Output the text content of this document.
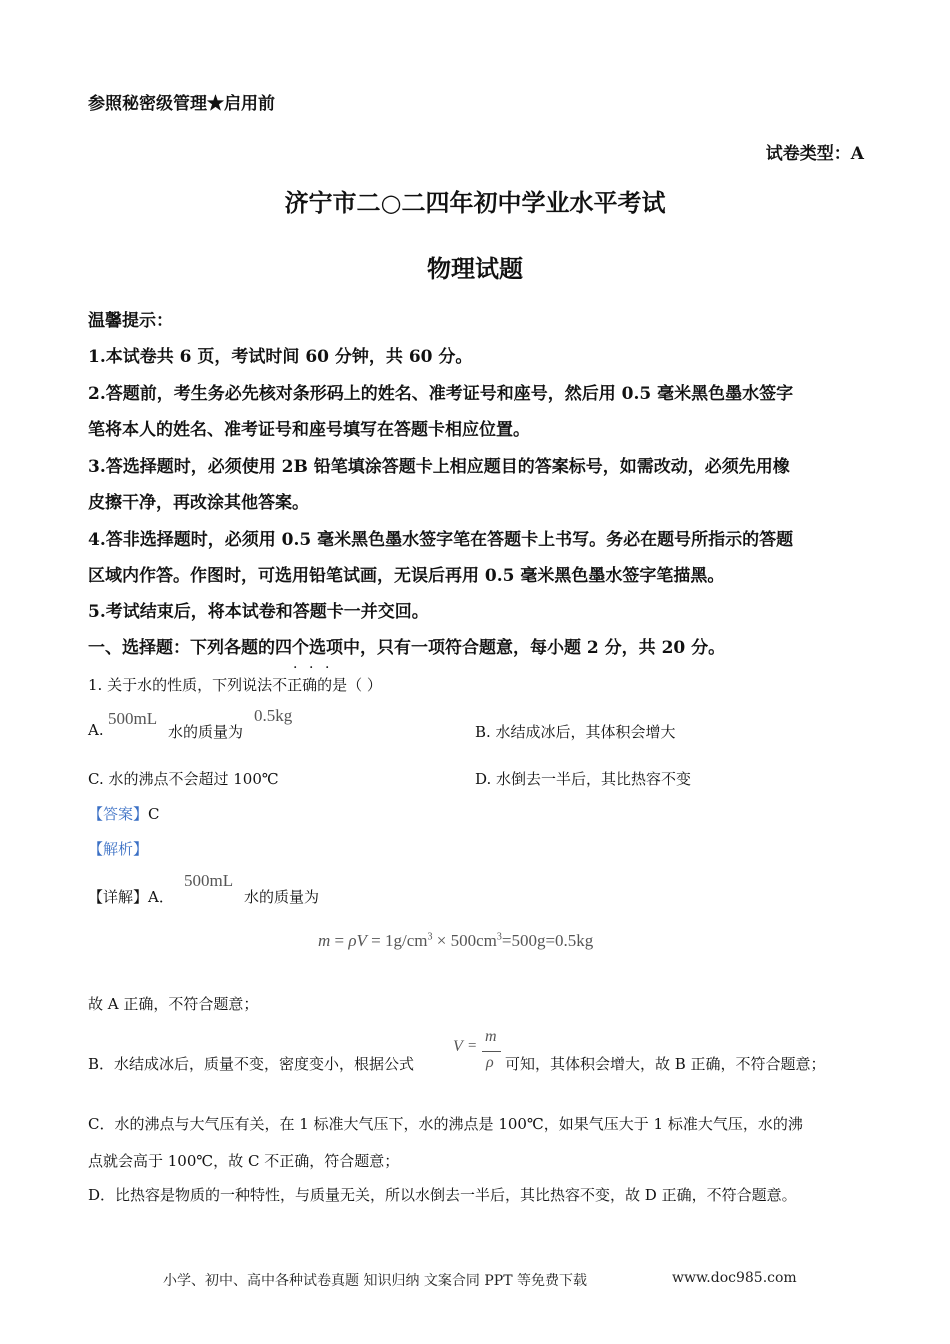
参照秘密级管理★启用前
试卷类型：A
济宁市二○二四年初中学业水平考试
物理试题
温馨提示：
1.本试卷共 6 页，考试时间 60 分钟，共 60 分。
2.答题前，考生务必先核对条形码上的姓名、准考证号和座号，然后用 0.5 毫米黑色墨水签字
笔将本人的姓名、准考证号和座号填写在答题卡相应位置。
3.答选择题时，必须使用 2B 铅笔填涂答题卡上相应题目的答案标号，如需改动，必须先用橡
皮擦干净，再改涂其他答案。
4.答非选择题时，必须用 0.5 毫米黑色墨水签字笔在答题卡上书写。务必在题号所指示的答题
区域内作答。作图时，可选用铅笔试画，无误后再用 0.5 毫米黑色墨水签字笔描黑。
5.考试结束后，将本试卷和答题卡一并交回。
一、选择题：下列各题的四个选项中，只有一项符合题意，每小题 2 分，共 20 分。
1. 关于水的性质，下列说法不正确的是（ ）
· · ·
A.
500mL
水的质量为
0.5kg
B. 水结成冰后，其体积会增大
C. 水的沸点不会超过 100℃	D. 水倒去一半后，其比热容不变
【答案】C
【解析】
【详解】A．
500mL
水的质量为
$m = \rho V = 1g/cm^3 \times 500cm^3=500g=0.5kg$
故 A 正确，不符合题意；
B．水结成冰后，质量不变，密度变小，根据公式
V =
m
ρ 可知，其体积会增大，故 B 正确，不符合题意；
C．水的沸点与大气压有关，在 1 标准大气压下，水的沸点是 100℃，如果气压大于 1 标准大气压，水的沸
点就会高于 100℃，故 C 不正确，符合题意；
D．比热容是物质的一种特性，与质量无关，所以水倒去一半后，其比热容不变，故 D 正确，不符合题意。
小学、初中、高中各种试卷真题 知识归纳 文案合同 PPT 等免费下载	www.doc985.com
